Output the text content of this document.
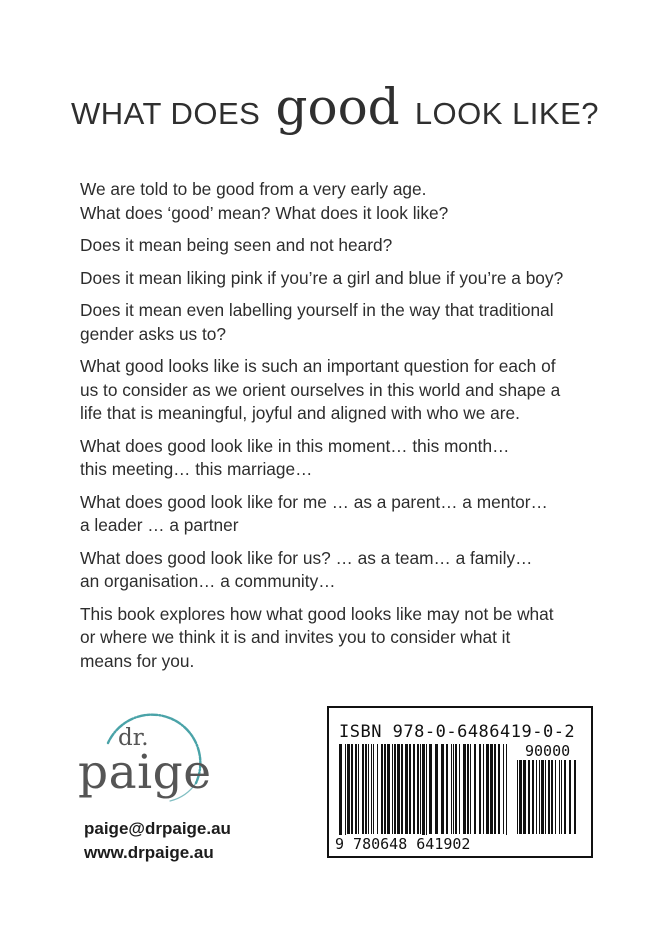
WHAT DOES good LOOK LIKE?

We are told to be good from a very early age.
What does ‘good’ mean? What does it look like?

Does it mean being seen and not heard?

Does it mean liking pink if you’re a girl and blue if you’re a boy?

Does it mean even labelling yourself in the way that traditional
gender asks us to?

What good looks like is such an important question for each of
us to consider as we orient ourselves in this world and shape a
life that is meaningful, joyful and aligned with who we are.

What does good look like in this moment… this month…
this meeting… this marriage…

What does good look like for me … as a parent… a mentor…
a leader … a partner

What does good look like for us? … as a team… a family…
an organisation… a community…

This book explores how what good looks like may not be what
or where we think it is and invites you to consider what it
means for you.

dr.
paige
paige@drpaige.au
www.drpaige.au
ISBN 978-0-6486419-0-2
90000
9 780648 641902
